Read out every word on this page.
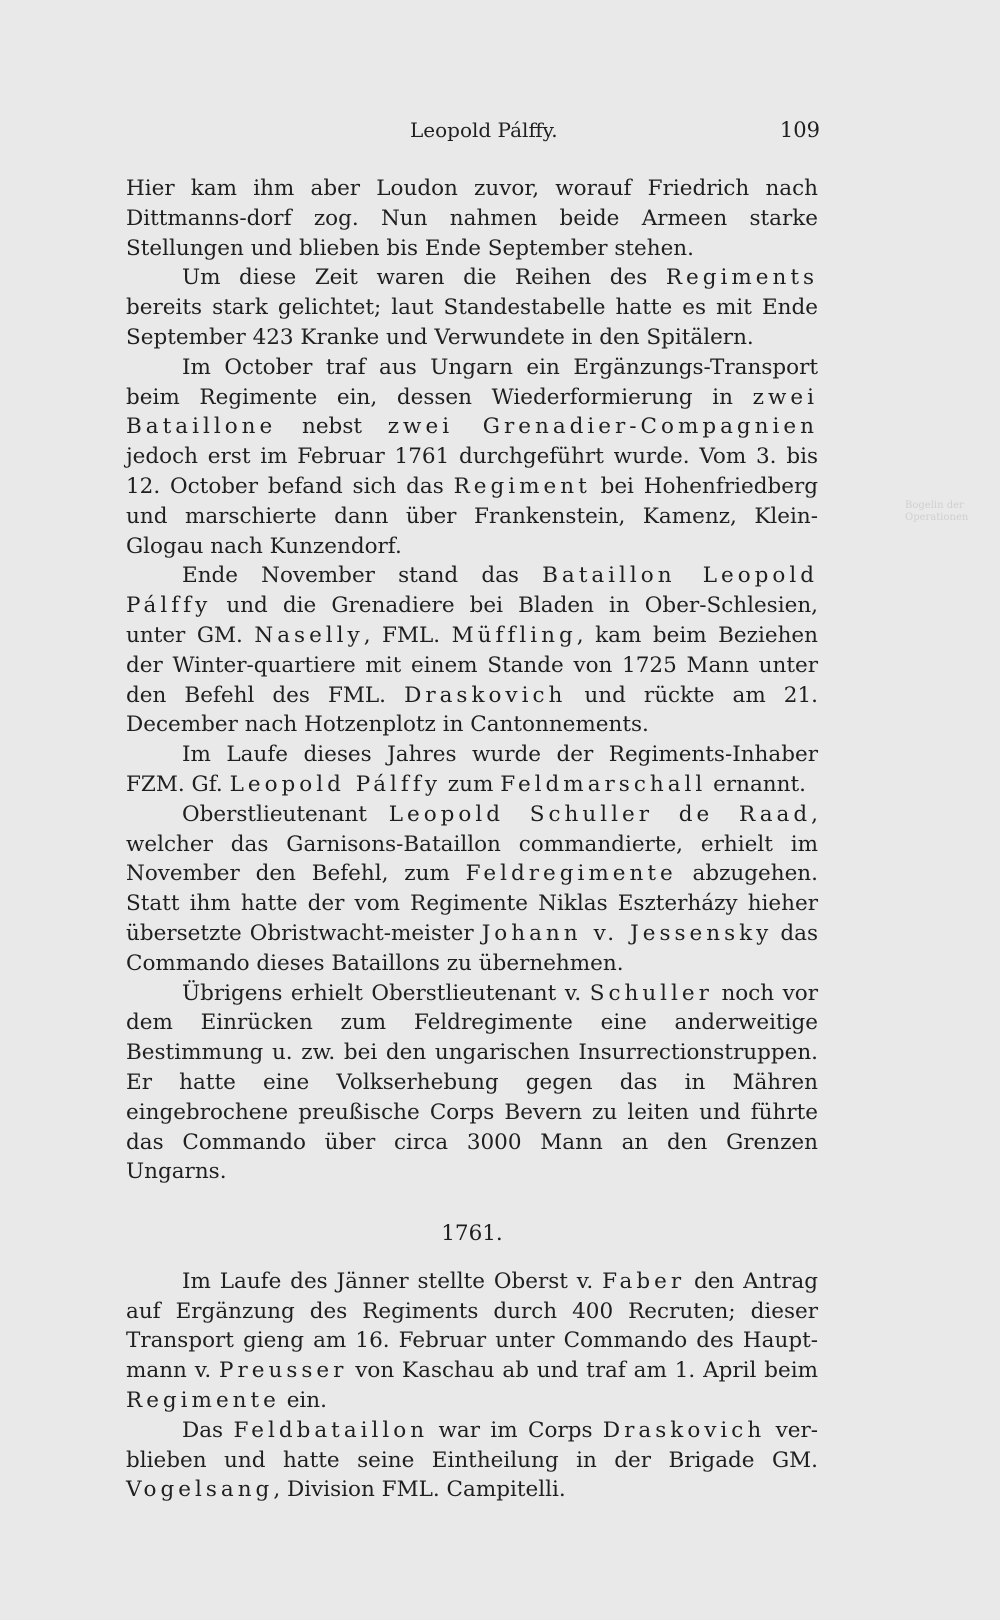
Leopold Pálffy.	109
Bogelin der Operationen

Hier kam ihm aber Loudon zuvor, worauf Friedrich nach Dittmanns-dorf zog. Nun nahmen beide Armeen starke Stellungen und blieben bis Ende September stehen.

Um diese Zeit waren die Reihen des Regiments bereits stark gelichtet; laut Standestabelle hatte es mit Ende September 423 Kranke und Verwundete in den Spitälern.

Im October traf aus Ungarn ein Ergänzungs-Transport beim Regimente ein, dessen Wiederformierung in zwei Bataillone nebst zwei Grenadier-Compagnien jedoch erst im Februar 1761 durchgeführt wurde. Vom 3. bis 12. October befand sich das Regiment bei Hohenfriedberg und marschierte dann über Frankenstein, Kamenz, Klein-Glogau nach Kunzendorf.

Ende November stand das Bataillon Leopold Pálffy und die Grenadiere bei Bladen in Ober-Schlesien, unter GM. Naselly, FML. Müffling, kam beim Beziehen der Winter-quartiere mit einem Stande von 1725 Mann unter den Befehl des FML. Draskovich und rückte am 21. December nach Hotzenplotz in Cantonnements.

Im Laufe dieses Jahres wurde der Regiments-Inhaber FZM. Gf. Leopold Pálffy zum Feldmarschall ernannt.

Oberstlieutenant Leopold Schuller de Raad, welcher das Garnisons-Bataillon commandierte, erhielt im November den Befehl, zum Feldregimente abzugehen. Statt ihm hatte der vom Regimente Niklas Eszterházy hieher übersetzte Obristwacht-meister Johann v. Jessensky das Commando dieses Bataillons zu übernehmen.

Übrigens erhielt Oberstlieutenant v. Schuller noch vor dem Einrücken zum Feldregimente eine anderweitige Bestimmung u. zw. bei den ungarischen Insurrectionstruppen. Er hatte eine Volkserhebung gegen das in Mähren eingebrochene preußische Corps Bevern zu leiten und führte das Commando über circa 3000 Mann an den Grenzen Ungarns.

1761.

Im Laufe des Jänner stellte Oberst v. Faber den Antrag auf Ergänzung des Regiments durch 400 Recruten; dieser Transport gieng am 16. Februar unter Commando des Haupt-mann v. Preusser von Kaschau ab und traf am 1. April beim Regimente ein.

Das Feldbataillon war im Corps Draskovich ver-blieben und hatte seine Eintheilung in der Brigade GM. Vogelsang, Division FML. Campitelli.
